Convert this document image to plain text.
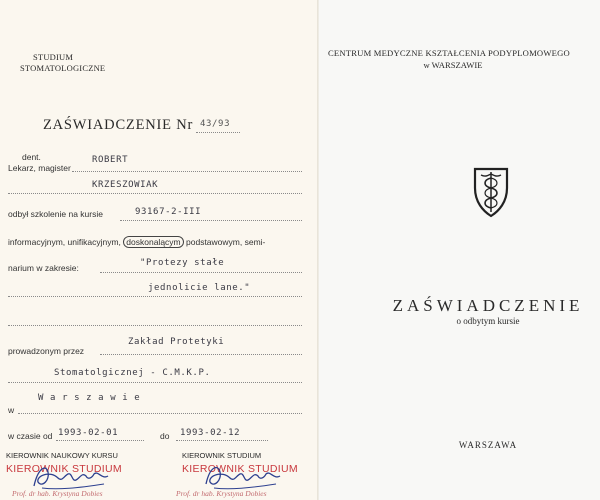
STUDIUM
STOMATOLOGICZNE
ZAŚWIADCZENIE Nr 43/93
dent.
Lekarz, magister
ROBERT
KRZESZOWIAK
odbył szkolenie na kursie	93167-2-III
informacyjnym, unifikacyjnym, doskonalącym podstawowym, semi-
narium w zakresie:	"Protezy stałe
jednolicie lane."
prowadzonym przez
Zakład Protetyki
Stomatolgicznej - C.M.K.P.
W a r s z a w i e
w
w czasie od 1993-02-01	do 1993-02-12
KIEROWNIK NAUKOWY KURSU	KIEROWNIK STUDIUM
KIEROWNIK STUDIUM
Prof. dr hab. Krystyna Dobies
KIEROWNIK STUDIUM
Prof. dr hab. Krystyna Dobies
CENTRUM MEDYCZNE KSZTAŁCENIA PODYPLOMOWEGO
w WARSZAWIE
ZAŚWIADCZENIE
o odbytym kursie
WARSZAWA
